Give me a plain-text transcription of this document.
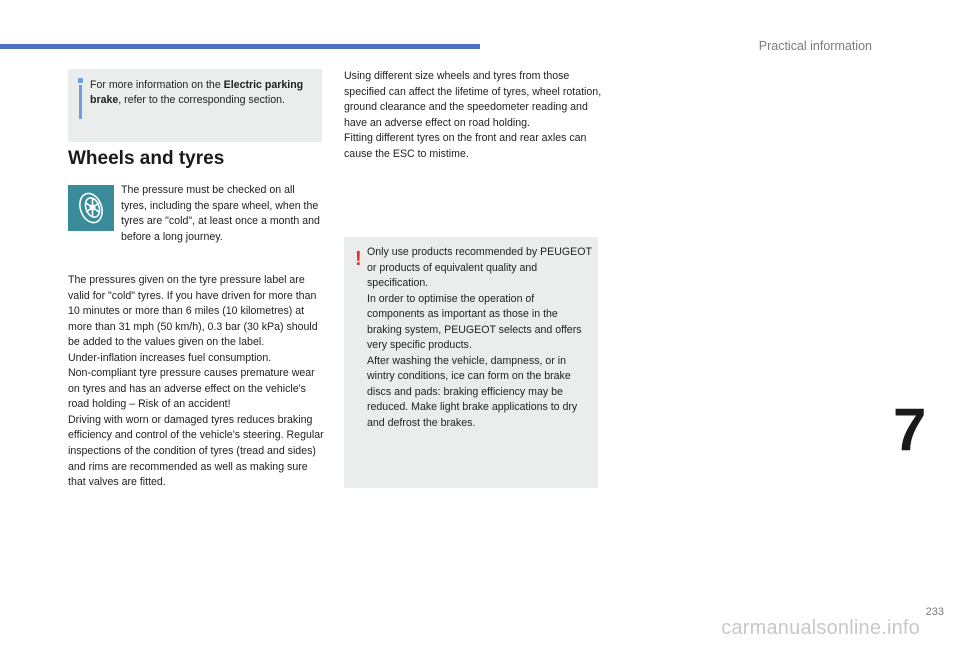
Practical information
For more information on the Electric parking brake, refer to the corresponding section.
Wheels and tyres
The pressure must be checked on all tyres, including the spare wheel, when the tyres are "cold", at least once a month and before a long journey.

The pressures given on the tyre pressure label are valid for "cold" tyres. If you have driven for more than 10 minutes or more than 6 miles (10 kilometres) at more than 31 mph (50 km/h), 0.3 bar (30 kPa) should be added to the values given on the label.

Under-inflation increases fuel consumption.

Non-compliant tyre pressure causes premature wear on tyres and has an adverse effect on the vehicle's road holding – Risk of an accident!

Driving with worn or damaged tyres reduces braking efficiency and control of the vehicle's steering. Regular inspections of the condition of tyres (tread and sides) and rims are recommended as well as making sure that valves are fitted.

Using different size wheels and tyres from those specified can affect the lifetime of tyres, wheel rotation, ground clearance and the speedometer reading and have an adverse effect on road holding.

Fitting different tyres on the front and rear axles can cause the ESC to mistime.

! Only use products recommended by PEUGEOT or products of equivalent quality and specification.

In order to optimise the operation of components as important as those in the braking system, PEUGEOT selects and offers very specific products.

After washing the vehicle, dampness, or in wintry conditions, ice can form on the brake discs and pads: braking efficiency may be reduced. Make light brake applications to dry and defrost the brakes.	7
233
carmanualsonline.info
